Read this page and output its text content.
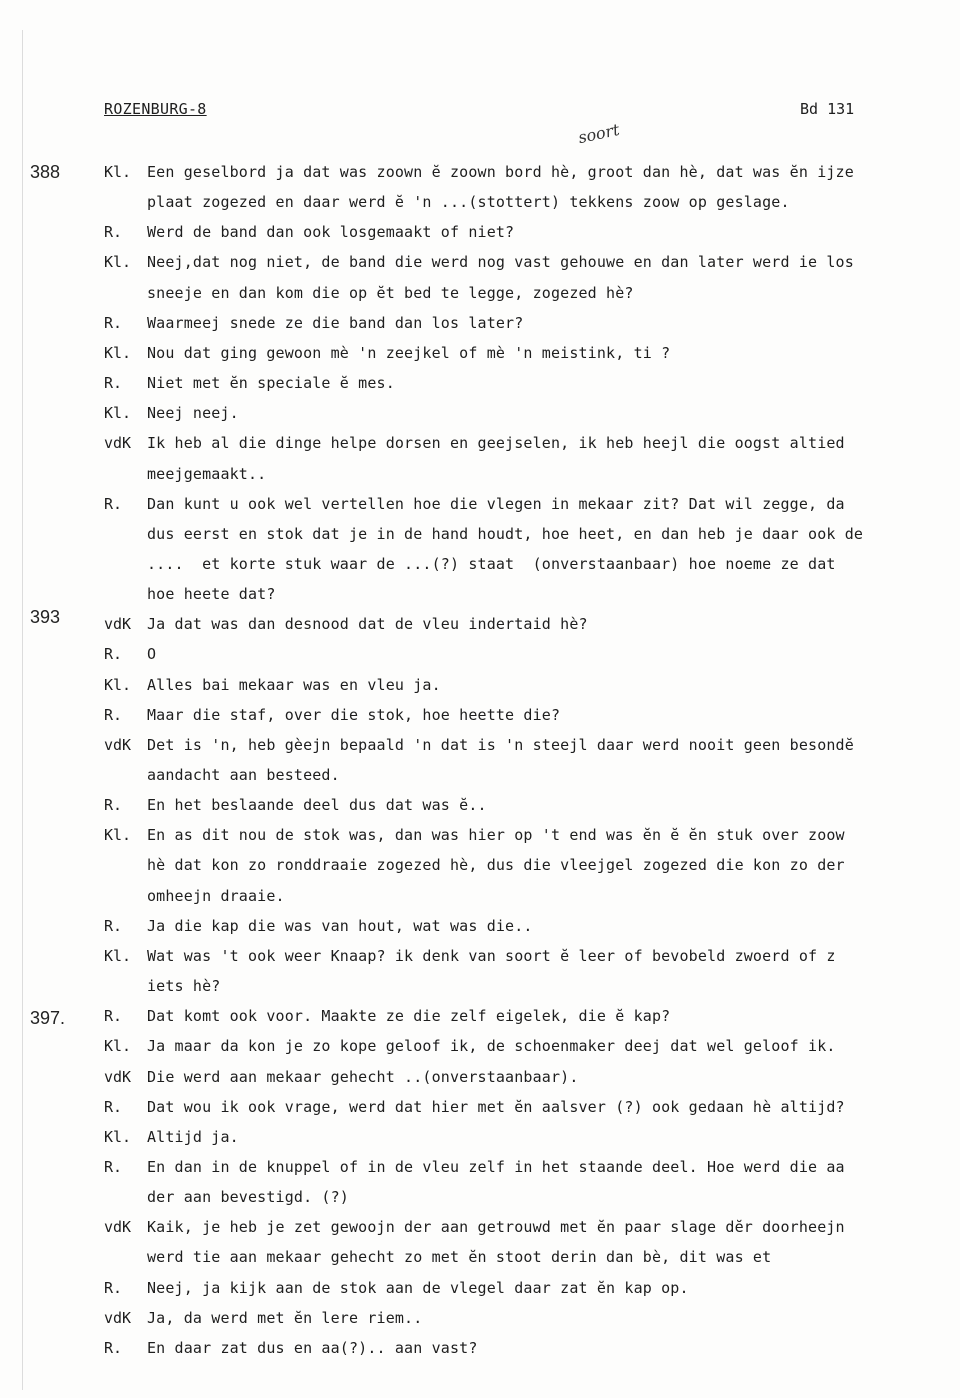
ROZENBURG-8	Bd 131
soort
388
393
397.
Kl. Een geselbord ja dat was zoown ĕ zoown bord hè, groot dan hè, dat was ĕn ijze
plaat zogezed en daar werd ĕ 'n ...(stottert) tekkens zoow op geslage.
R. Werd de band dan ook losgemaakt of niet?
Kl. Neej,dat nog niet, de band die werd nog vast gehouwe en dan later werd ie los
sneeje en dan kom die op ĕt bed te legge, zogezed hè?
R. Waarmeej snede ze die band dan los later?
Kl. Nou dat ging gewoon mè 'n zeejkel of mè 'n meistink, ti ?
R. Niet met ĕn speciale ĕ mes.
Kl. Neej neej.
vdK Ik heb al die dinge helpe dorsen en geejselen, ik heb heejl die oogst altied
meejgemaakt..
R. Dan kunt u ook wel vertellen hoe die vlegen in mekaar zit? Dat wil zegge, da
dus eerst en stok dat je in de hand houdt, hoe heet, en dan heb je daar ook de
....  et korte stuk waar de ...(?) staat  (onverstaanbaar) hoe noeme ze dat
hoe heete dat?
vdK Ja dat was dan desnood dat de vleu indertaid hè?
R. O
Kl. Alles bai mekaar was en vleu ja.
R. Maar die staf, over die stok, hoe heette die?
vdK Det is 'n, heb gèejn bepaald 'n dat is 'n steejl daar werd nooit geen besondĕ
aandacht aan besteed.
R. En het beslaande deel dus dat was ĕ..
Kl. En as dit nou de stok was, dan was hier op 't end was ĕn ĕ ĕn stuk over zoow
hè dat kon zo ronddraaie zogezed hè, dus die vleejgel zogezed die kon zo der
omheejn draaie.
R. Ja die kap die was van hout, wat was die..
Kl. Wat was 't ook weer Knaap? ik denk van soort ĕ leer of bevobeld zwoerd of z
iets hè?
R. Dat komt ook voor. Maakte ze die zelf eigelek, die ĕ kap?
Kl. Ja maar da kon je zo kope geloof ik, de schoenmaker deej dat wel geloof ik.
vdK Die werd aan mekaar gehecht ..(onverstaanbaar).
R. Dat wou ik ook vrage, werd dat hier met ĕn aalsver (?) ook gedaan hè altijd?
Kl. Altijd ja.
R. En dan in de knuppel of in de vleu zelf in het staande deel. Hoe werd die aa
der aan bevestigd. (?)
vdK Kaik, je heb je zet gewoojn der aan getrouwd met ĕn paar slage dĕr doorheejn
werd tie aan mekaar gehecht zo met ĕn stoot derin dan bè, dit was et
R. Neej, ja kijk aan de stok aan de vlegel daar zat ĕn kap op.
vdK Ja, da werd met ĕn lere riem..
R. En daar zat dus en aa(?).. aan vast?
